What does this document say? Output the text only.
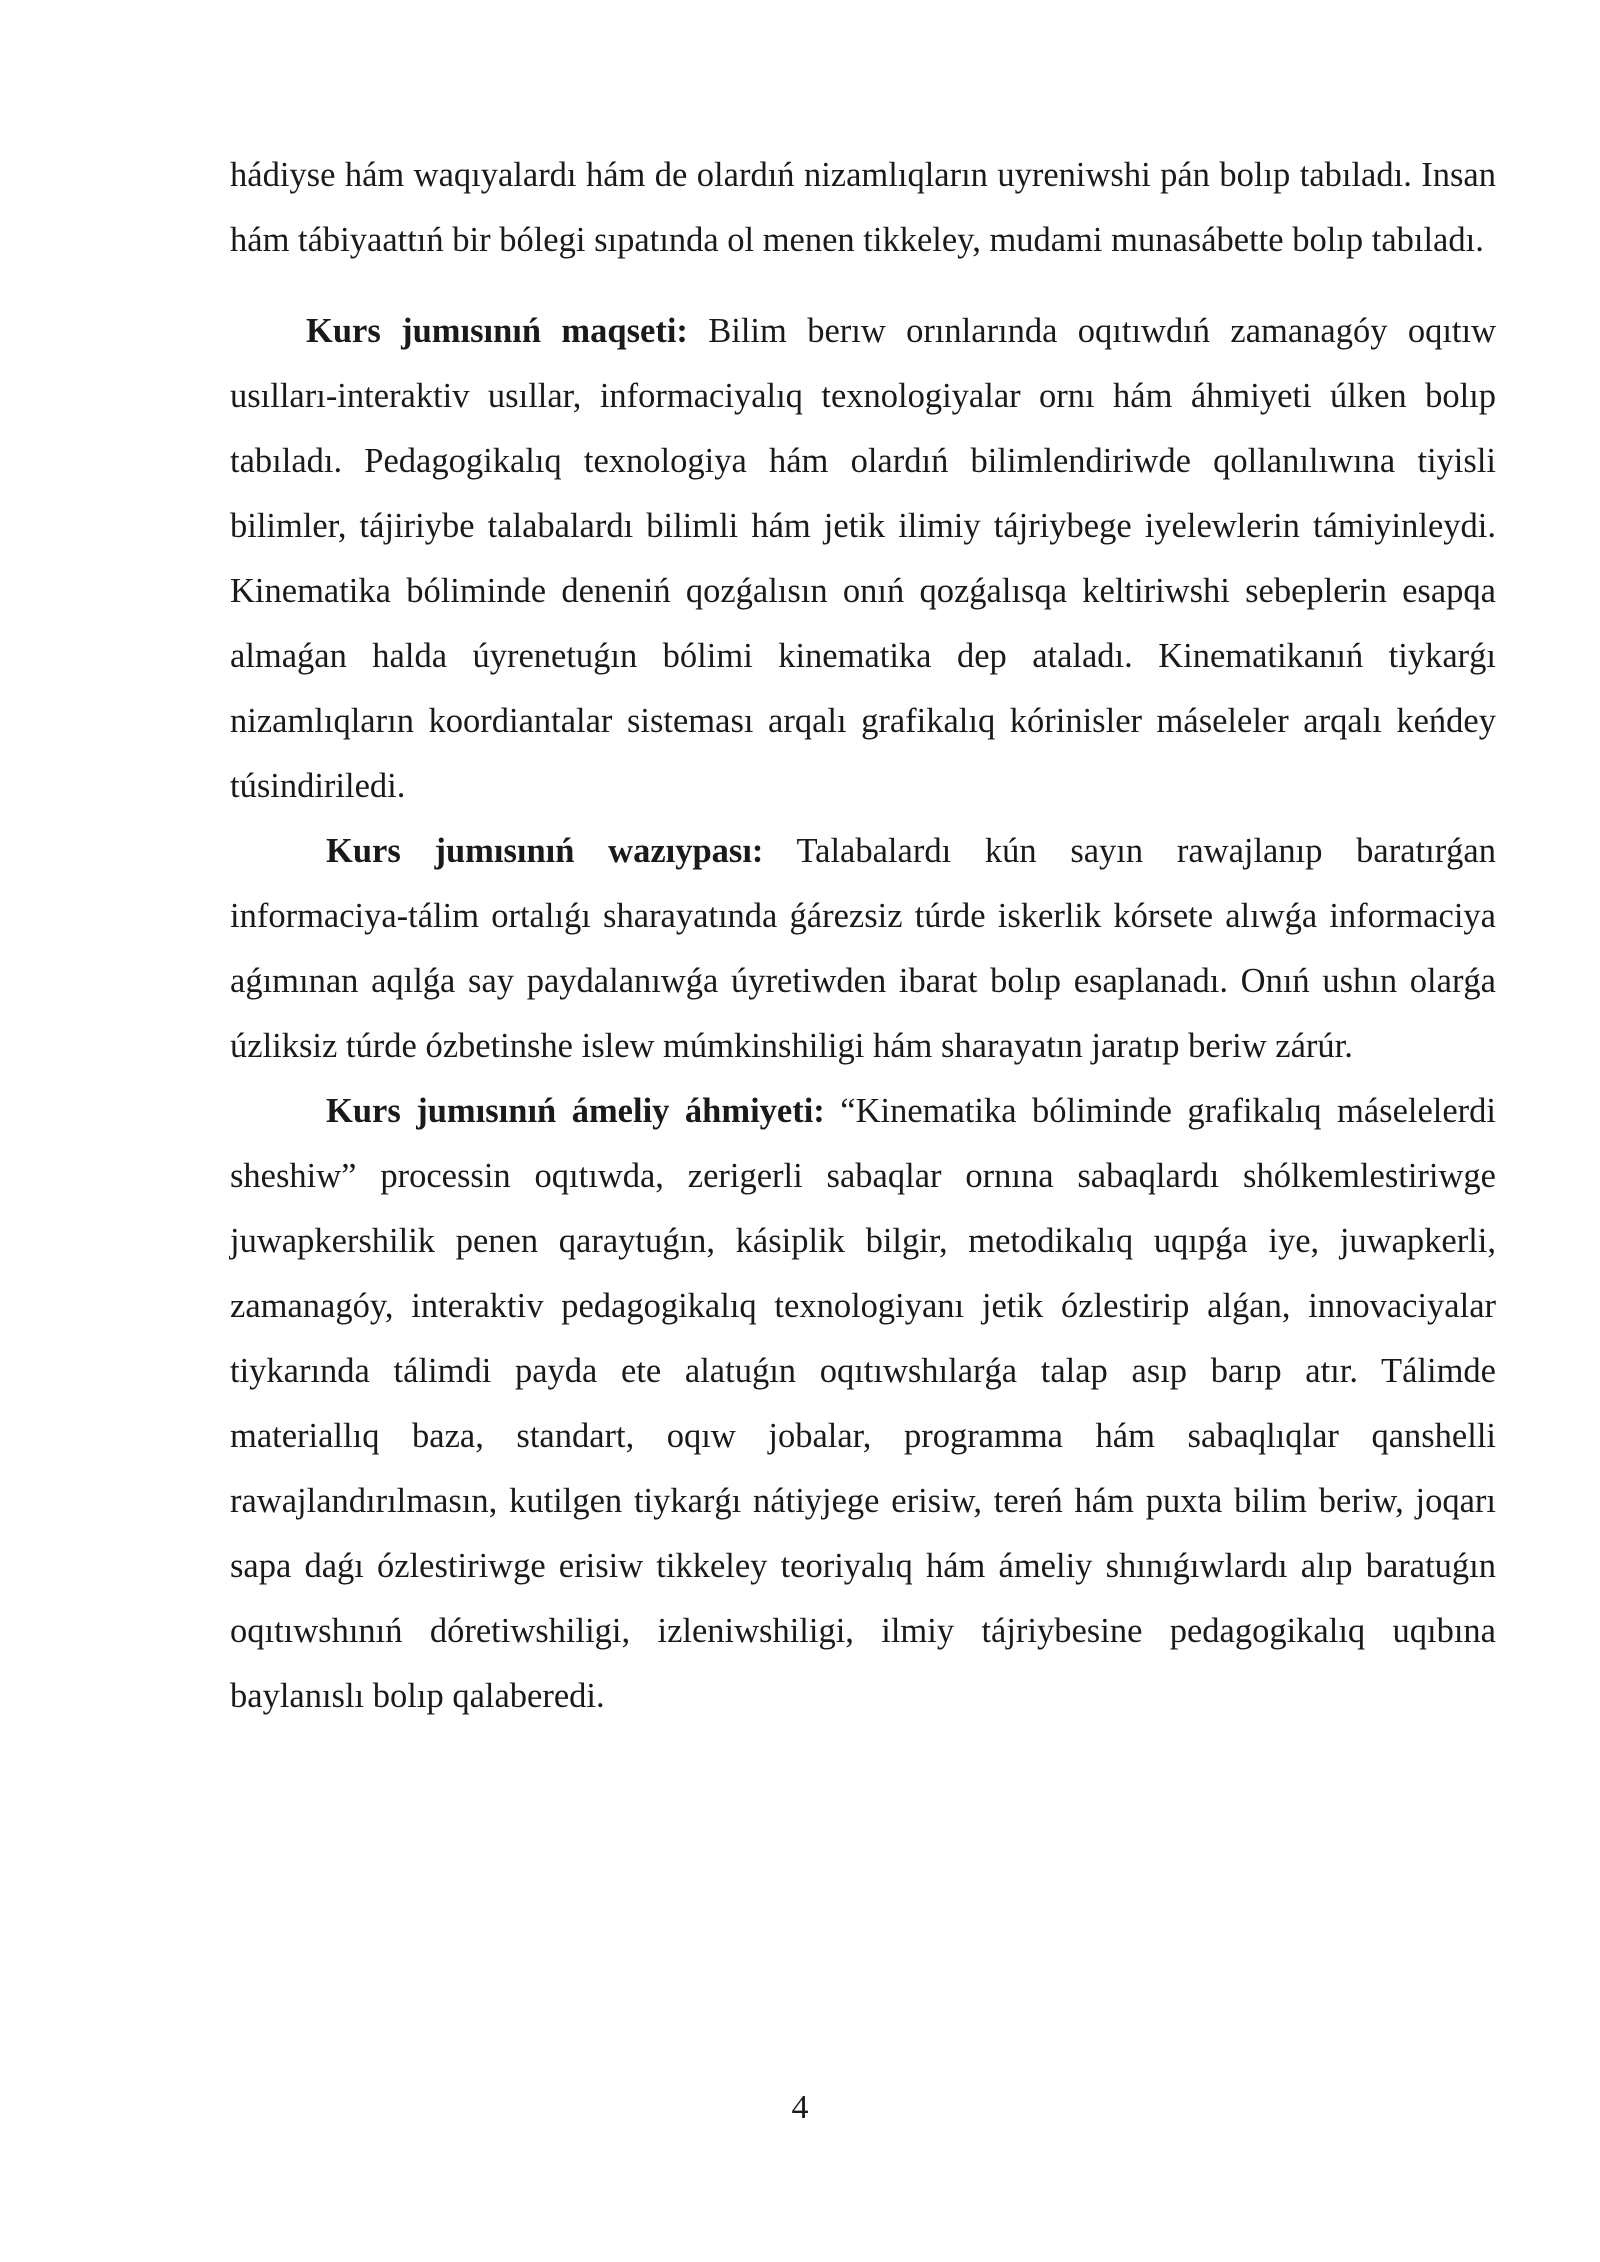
hádiyse hám waqıyalardı hám de olardıń nizamlıqların uyreniwshi pán bolıp tabıladı. Insan hám tábiyaattıń bir bólegi sıpatında ol menen tikkeley, mudami munasábette bolıp tabıladı.

Kurs jumısınıń maqseti: Bilim berıw orınlarında oqıtıwdıń zamanagóy oqıtıw usılları-interaktiv usıllar, informaciyalıq texnologiyalar ornı hám áhmiyeti úlken bolıp tabıladı. Pedagogikalıq texnologiya hám olardıń bilimlendiriwde qollanılıwına tiyisli bilimler, tájiriybe talabalardı bilimli hám jetik ilimiy tájriybege iyelewlerin támiyinleydi. Kinematika bóliminde deneniń qozǵalısın onıń qozǵalısqa keltiriwshi sebeplerin esapqa almaǵan halda úyrenetuǵın bólimi kinematika dep ataladı. Kinematikanıń tiykarǵı nizamlıqların koordiantalar sisteması arqalı grafikalıq kórinisler máseleler arqalı keńdey túsindiriledi.

Kurs jumısınıń wazıypası: Talabalardı kún sayın rawajlanıp baratırǵan informaciya-tálim ortalıǵı sharayatında ǵárezsiz túrde iskerlik kórsete alıwǵa informaciya aǵımınan aqılǵa say paydalanıwǵa úyretiwden ibarat bolıp esaplanadı. Onıń ushın olarǵa úzliksiz túrde ózbetinshe islew múmkinshiligi hám sharayatın jaratıp beriw zárúr.

Kurs jumısınıń ámeliy áhmiyeti: “Kinematika bóliminde grafikalıq máselelerdi sheshiw” processin oqıtıwda, zerigerli sabaqlar ornına sabaqlardı shólkemlestiriwge juwapkershilik penen qaraytuǵın, kásiplik bilgir, metodikalıq uqıpǵa iye, juwapkerli, zamanagóy, interaktiv pedagogikalıq texnologiyanı jetik ózlestirip alǵan, innovaciyalar tiykarında tálimdi payda ete alatuǵın oqıtıwshılarǵa talap asıp barıp atır. Tálimde materiallıq baza, standart, oqıw jobalar, programma hám sabaqlıqlar qanshelli rawajlandırılmasın, kutilgen tiykarǵı nátiyjege erisiw, tereń hám puxta bilim beriw, joqarı sapa daǵı ózlestiriwge erisiw tikkeley teoriyalıq hám ámeliy shınıǵıwlardı alıp baratuǵın oqıtıwshınıń dóretiwshiligi, izleniwshiligi, ilmiy tájriybesine pedagogikalıq uqıbına baylanıslı bolıp qalaberedi.

4
